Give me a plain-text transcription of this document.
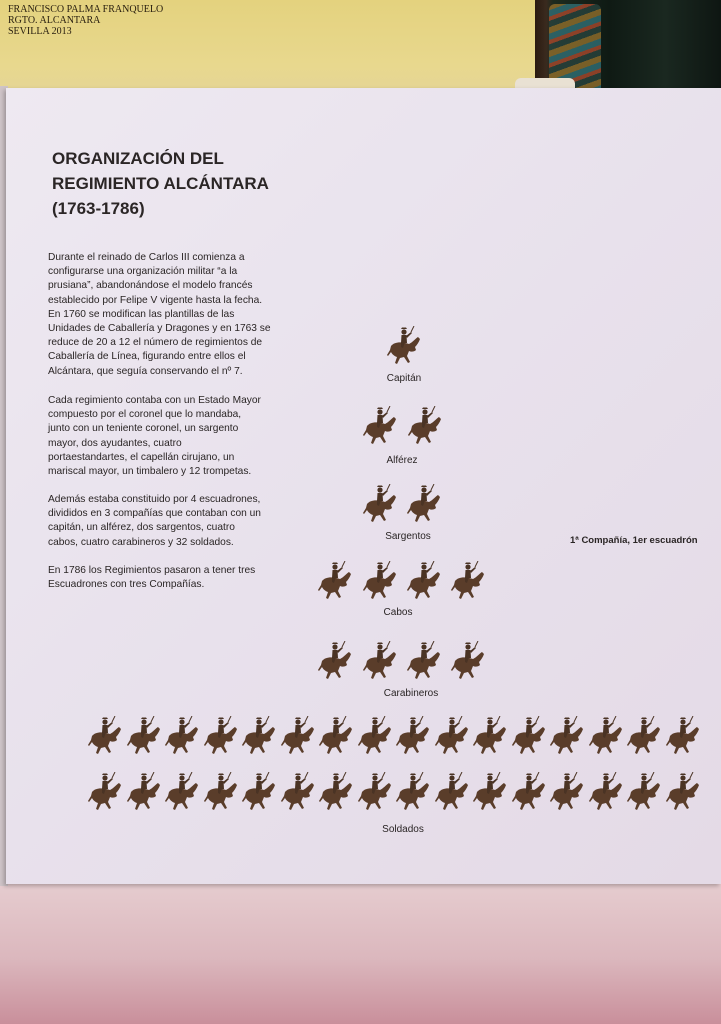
FRANCISCO PALMA FRANQUELO
RGTO. ALCANTARA
SEVILLA 2013
ORGANIZACIÓN DEL
REGIMIENTO ALCÁNTARA
(1763-1786)
Durante el reinado de Carlos III comienza a
configurarse una organización militar “a la
prusiana”, abandonándose el modelo francés
establecido por Felipe V vigente hasta la fecha.
En 1760 se modifican las plantillas de las
Unidades de Caballería y Dragones y en 1763 se
reduce de 20 a 12 el número de regimientos de
Caballería de Línea, figurando entre ellos el
Alcántara, que seguía conservando el nº 7.
Cada regimiento contaba con un Estado Mayor
compuesto por el coronel que lo mandaba,
junto con un teniente coronel, un sargento
mayor, dos ayudantes, cuatro
portaestandartes, el capellán cirujano, un
mariscal mayor, un timbalero y 12 trompetas.
Además estaba constituido por 4 escuadrones,
divididos en 3 compañías que contaban con un
capitán, un alférez, dos sargentos, cuatro
cabos, cuatro carabineros y 32 soldados.
En 1786 los Regimientos pasaron a tener tres
Escuadrones con tres Compañías.
Capitán
Alférez
Sargentos
Cabos
Carabineros
Soldados
1ª Compañía, 1er escuadrón
